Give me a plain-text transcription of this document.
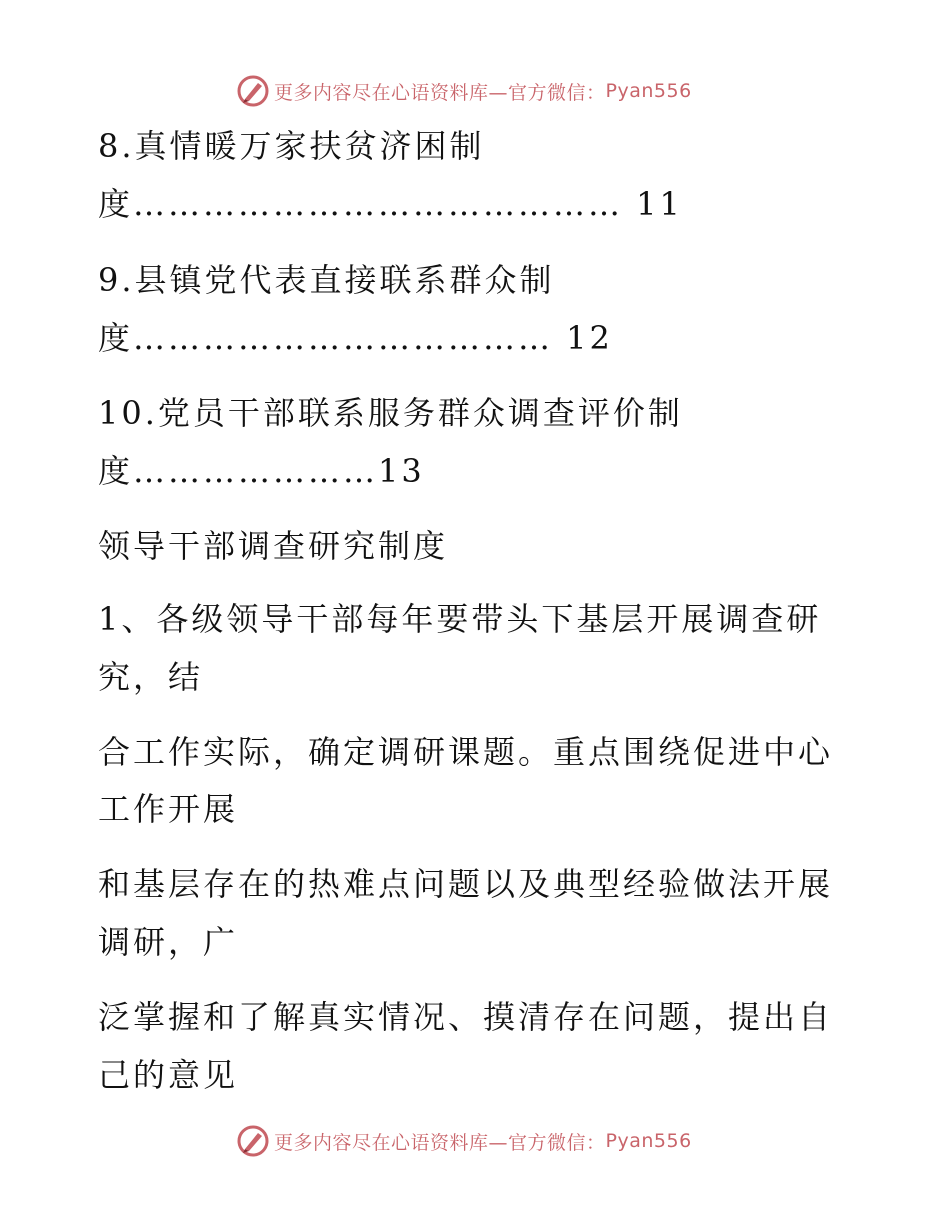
更多内容尽在心语资料库—官方微信： Pyan556
8.真情暖万家扶贫济困制
度…………………………………… 11
9.县镇党代表直接联系群众制
度……………………………… 12
10.党员干部联系服务群众调查评价制
度…………………13
领导干部调查研究制度
1、各级领导干部每年要带头下基层开展调查研
究，结
合工作实际，确定调研课题。重点围绕促进中心
工作开展
和基层存在的热难点问题以及典型经验做法开展
调研，广
泛掌握和了解真实情况、摸清存在问题，提出自
己的意见
更多内容尽在心语资料库—官方微信： Pyan556
